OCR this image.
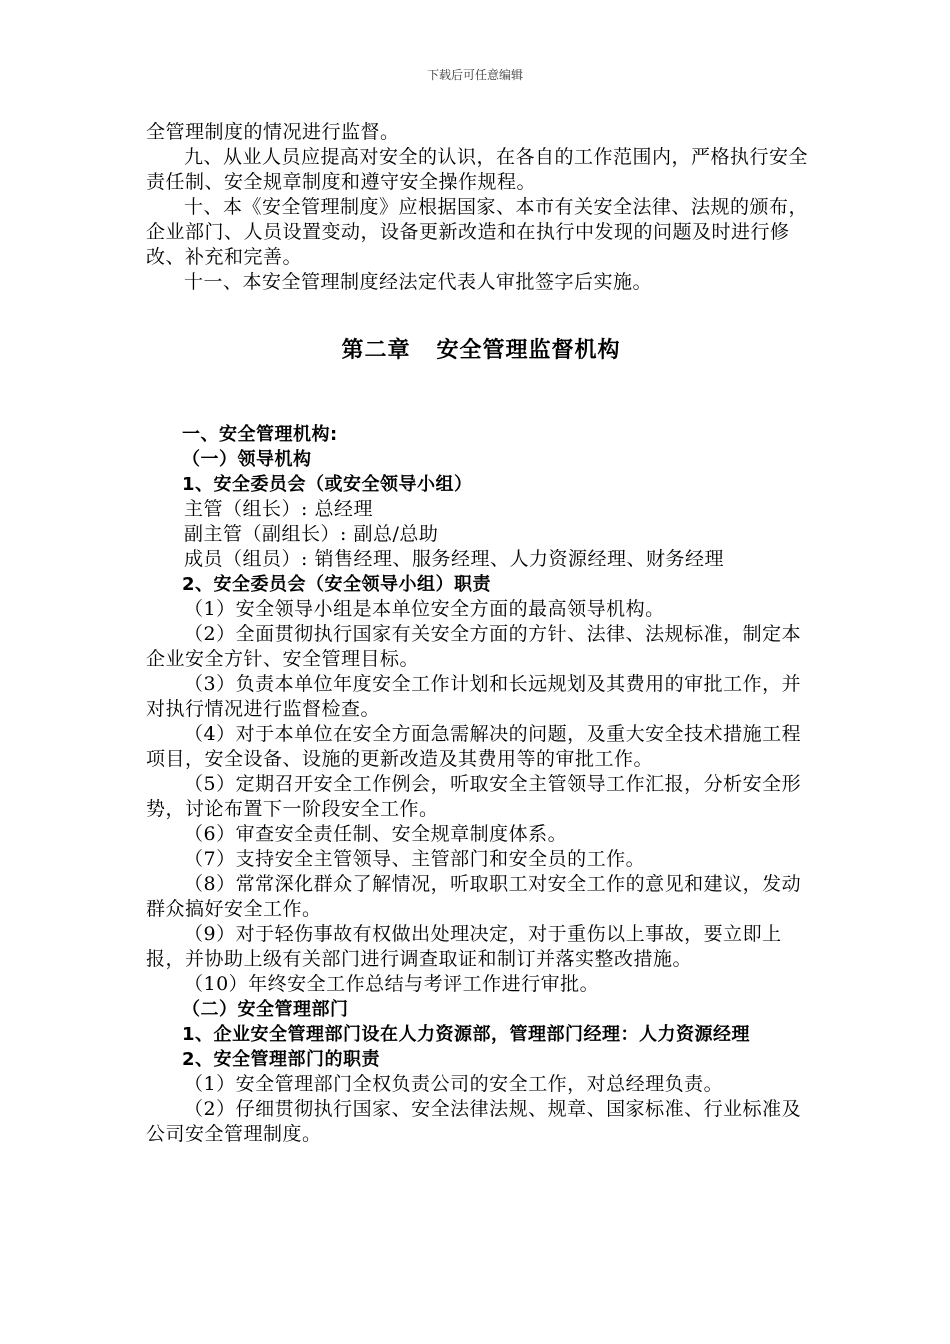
下载后可任意编辑

全管理制度的情况进行监督。

九、从业人员应提高对安全的认识，在各自的工作范围内，严格执行安全责任制、安全规章制度和遵守安全操作规程。

十、本《安全管理制度》应根据国家、本市有关安全法律、法规的颁布，企业部门、人员设置变动，设备更新改造和在执行中发现的问题及时进行修改、补充和完善。

十一、本安全管理制度经法定代表人审批签字后实施。

第二章 安全管理监督机构

一、安全管理机构:

（一）领导机构

1、安全委员会（或安全领导小组）

主管（组长）: 总经理

副主管（副组长）: 副总/总助

成员（组员）: 销售经理、服务经理、人力资源经理、财务经理

2、安全委员会（安全领导小组）职责

（1）安全领导小组是本单位安全方面的最高领导机构。

（2）全面贯彻执行国家有关安全方面的方针、法律、法规标准，制定本企业安全方针、安全管理目标。

（3）负责本单位年度安全工作计划和长远规划及其费用的审批工作，并对执行情况进行监督检查。

（4）对于本单位在安全方面急需解决的问题，及重大安全技术措施工程项目，安全设备、设施的更新改造及其费用等的审批工作。

（5）定期召开安全工作例会，听取安全主管领导工作汇报，分析安全形势，讨论布置下一阶段安全工作。

（6）审查安全责任制、安全规章制度体系。

（7）支持安全主管领导、主管部门和安全员的工作。

（8）常常深化群众了解情况，听取职工对安全工作的意见和建议，发动群众搞好安全工作。

（9）对于轻伤事故有权做出处理决定，对于重伤以上事故，要立即上报，并协助上级有关部门进行调查取证和制订并落实整改措施。

（10）年终安全工作总结与考评工作进行审批。

（二）安全管理部门

1、企业安全管理部门设在人力资源部，管理部门经理：人力资源经理

2、安全管理部门的职责

（1）安全管理部门全权负责公司的安全工作，对总经理负责。

（2）仔细贯彻执行国家、安全法律法规、规章、国家标准、行业标准及公司安全管理制度。
